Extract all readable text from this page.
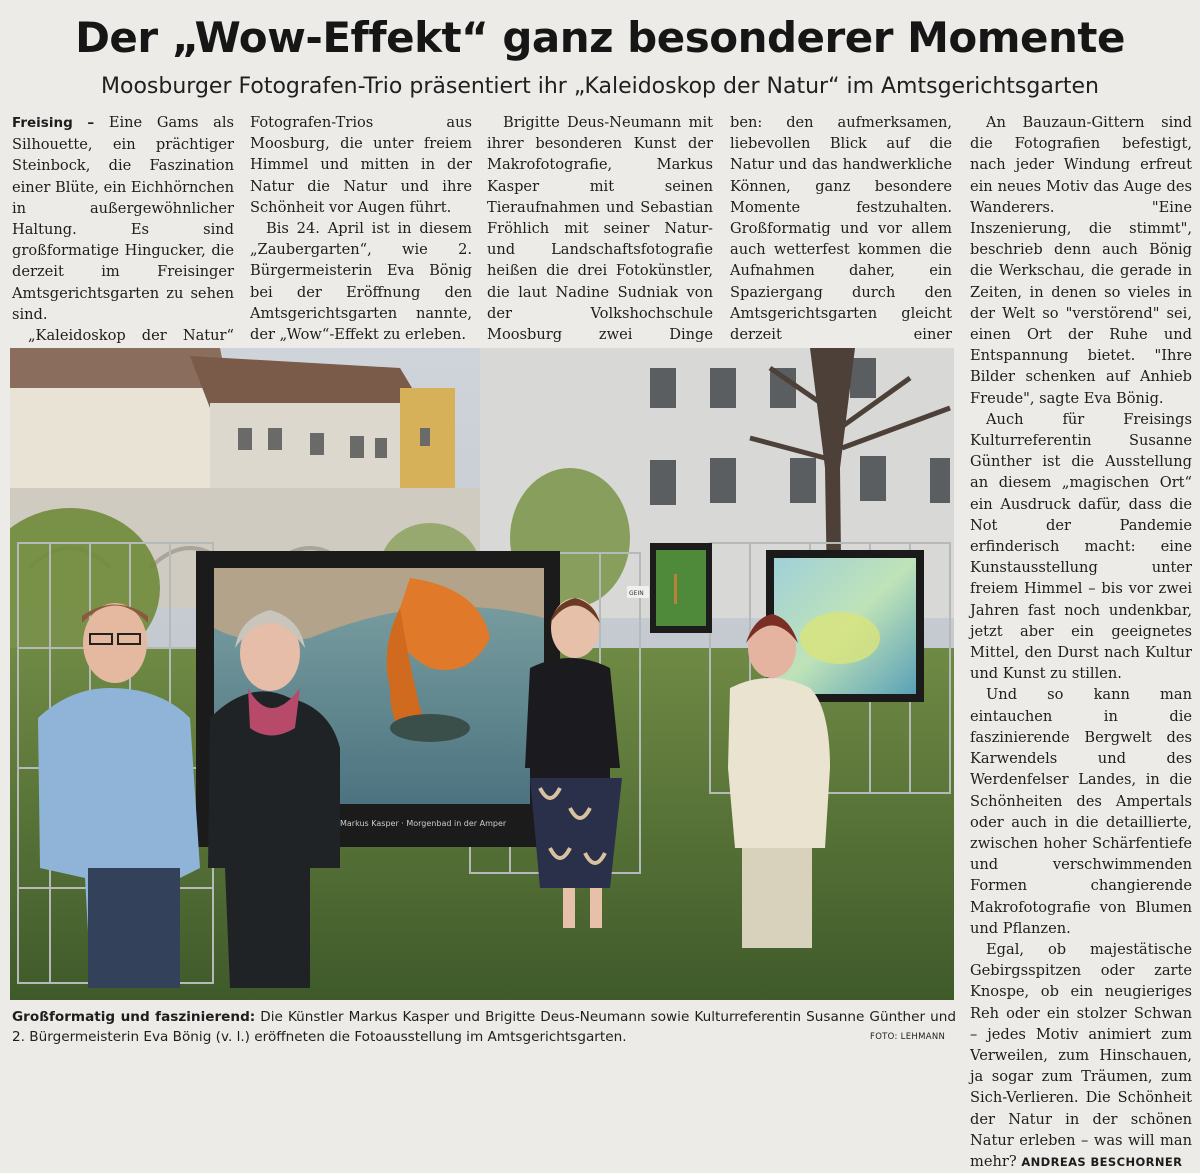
Der „Wow-Effekt“ ganz besonderer Momente
Moosburger Fotografen-Trio präsentiert ihr „Kaleidoskop der Natur“ im Amtsgerichtsgarten

Freising – Eine Gams als Silhouette, ein prächtiger Steinbock, die Faszination einer Blüte, ein Eichhörnchen in außergewöhnlicher Haltung. Es sind großformatige Hingucker, die derzeit im Freisinger Amtsgerichtsgarten zu sehen sind.

„Kaleidoskop der Natur“

Fotografen-Trios aus Moosburg, die unter freiem Himmel und mitten in der Natur die Natur und ihre Schönheit vor Augen führt.

Bis 24. April ist in diesem „Zaubergarten“, wie 2. Bürgermeisterin Eva Bönig bei der Eröffnung den Amtsgerichtsgarten nannte, der „Wow“-Effekt zu erleben.

Brigitte Deus-Neumann mit ihrer besonderen Kunst der Makrofotografie, Markus Kasper mit seinen Tieraufnahmen und Sebastian Fröhlich mit seiner Natur- und Landschaftsfotografie heißen die drei Fotokünstler, die laut Nadine Sudniak von der Volkshochschule Moosburg zwei Dinge

ben: den aufmerksamen, liebevollen Blick auf die Natur und das handwerkliche Können, ganz besondere Momente festzuhalten. Großformatig und vor allem auch wetterfest kommen die Aufnahmen daher, ein Spaziergang durch den Amtsgerichtsgarten gleicht derzeit einer

An Bauzaun-Gittern sind die Fotografien befestigt, nach jeder Windung erfreut ein neues Motiv das Auge des Wanderers. "Eine Inszenierung, die stimmt", beschrieb denn auch Bönig die Werkschau, die gerade in Zeiten, in denen so vieles in der Welt so "verstörend" sei, einen Ort der Ruhe und Entspannung bietet. "Ihre Bilder schenken auf Anhieb Freude", sagte Eva Bönig.

Auch für Freisings Kulturreferentin Susanne Günther ist die Ausstellung an diesem „magischen Ort“ ein Ausdruck dafür, dass die Not der Pandemie erfinderisch macht: eine Kunstausstellung unter freiem Himmel – bis vor zwei Jahren fast noch undenkbar, jetzt aber ein geeignetes Mittel, den Durst nach Kultur und Kunst zu stillen.

Und so kann man eintauchen in die faszinierende Bergwelt des Karwendels und des Werdenfelser Landes, in die Schönheiten des Ampertals oder auch in die detaillierte, zwischen hoher Schärfentiefe und verschwimmenden Formen changierende Makrofotografie von Blumen und Pflanzen.

Egal, ob majestätische Gebirgsspitzen oder zarte Knospe, ob ein neugieriges Reh oder ein stolzer Schwan – jedes Motiv animiert zum Verweilen, zum Hinschauen, ja sogar zum Träumen, zum Sich-Verlieren. Die Schönheit der Natur in der schönen Natur erleben – was will man mehr? ANDREAS BESCHORNER

Markus Kasper · Morgenbad in der Amper
GEIN
Großformatig und faszinierend: Die Künstler Markus Kasper und Brigitte Deus-Neumann sowie Kulturreferentin Susanne Günther und 2. Bürgermeisterin Eva Bönig (v. l.) eröffneten die Fotoausstellung im Amtsgerichtsgarten.	FOTO: LEHMANN
